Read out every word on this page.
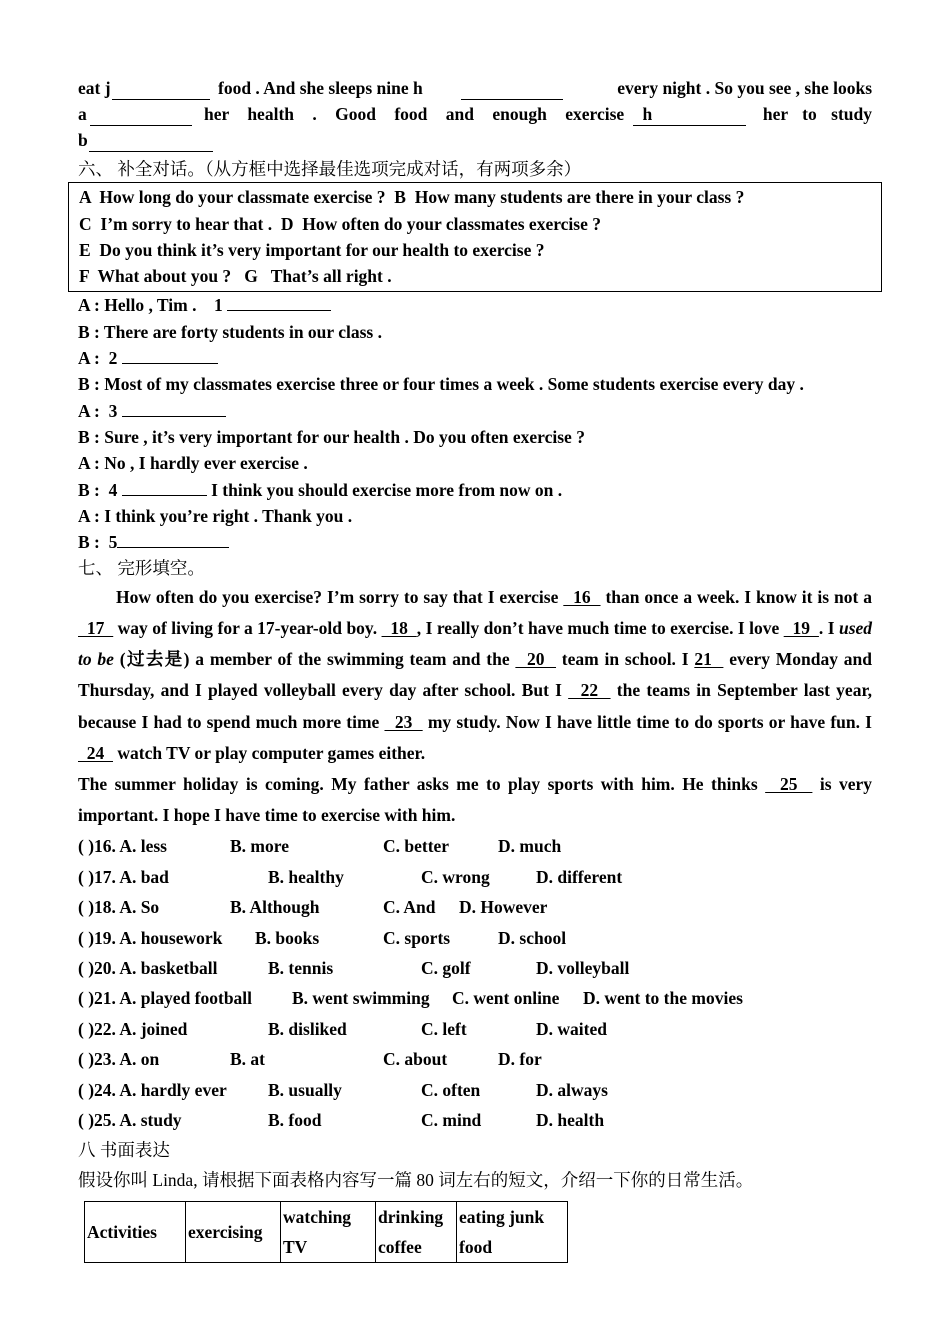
eat j	food . And she sleeps nine h	every night . So you see , she looks
a	her health . Good food and enough exercise h	her to study
b
六、 补全对话。（从方框中选择最佳选项完成对话，有两项多余）
A  How long do your classmate exercise ?  B  How many students are there in your class ?
C  I’m sorry to hear that .  D  How often do your classmates exercise ?
E  Do you think it’s very important for our health to exercise ?
F  What about you ?   G   That’s all right .
A : Hello , Tim .    1
B : There are forty students in our class .
A :  2
B : Most of my classmates exercise three or four times a week . Some students exercise every day .
A :  3
B : Sure , it’s very important for our health . Do you often exercise ?
A : No , I hardly ever exercise .
B :  4	I think you should exercise more from now on .
A : I think you’re right . Thank you .
B :  5
七、 完形填空。

How often do you exercise? I’m sorry to say that I exercise   16   than once a week. I know it is not a   17   way of living for a 17-year-old boy.   18  , I really don’t have much time to exercise. I love   19  . I used to be (过去是) a member of the swimming team and the   20   team in school. I 21   every Monday and Thursday, and I played volleyball every day after school. But I   22   the teams in September last year, because I had to spend much more time   23   my study. Now I have little time to do sports or have fun. I   24   watch TV or play computer games either.

The summer holiday is coming. My father asks me to play sports with him. He thinks   25   is very important. I hope I have time to exercise with him.

( )16. A. less	B. more	C. better	D. much
( )17. A. bad	B. healthy	C. wrong	D. different
( )18. A. So	B. Although	C. And D. However
( )19. A. housework B. books	C. sports	D. school
( )20. A. basketball	B. tennis	C. golf	D. volleyball
( )21. A. played football B. went swimming C. went online D. went to the movies
( )22. A. joined	B. disliked	C. left	D. waited
( )23. A. on	B. at	C. about	D. for
( )24. A. hardly ever B. usually	C. often	D. always
( )25. A. study	B. food	C. mind	D. health
八 书面表达
假设你叫 Linda, 请根据下面表格内容写一篇 80 词左右的短文，介绍一下你的日常生活。
Activities	exercising	watching TV	drinking coffee	eating junk food
